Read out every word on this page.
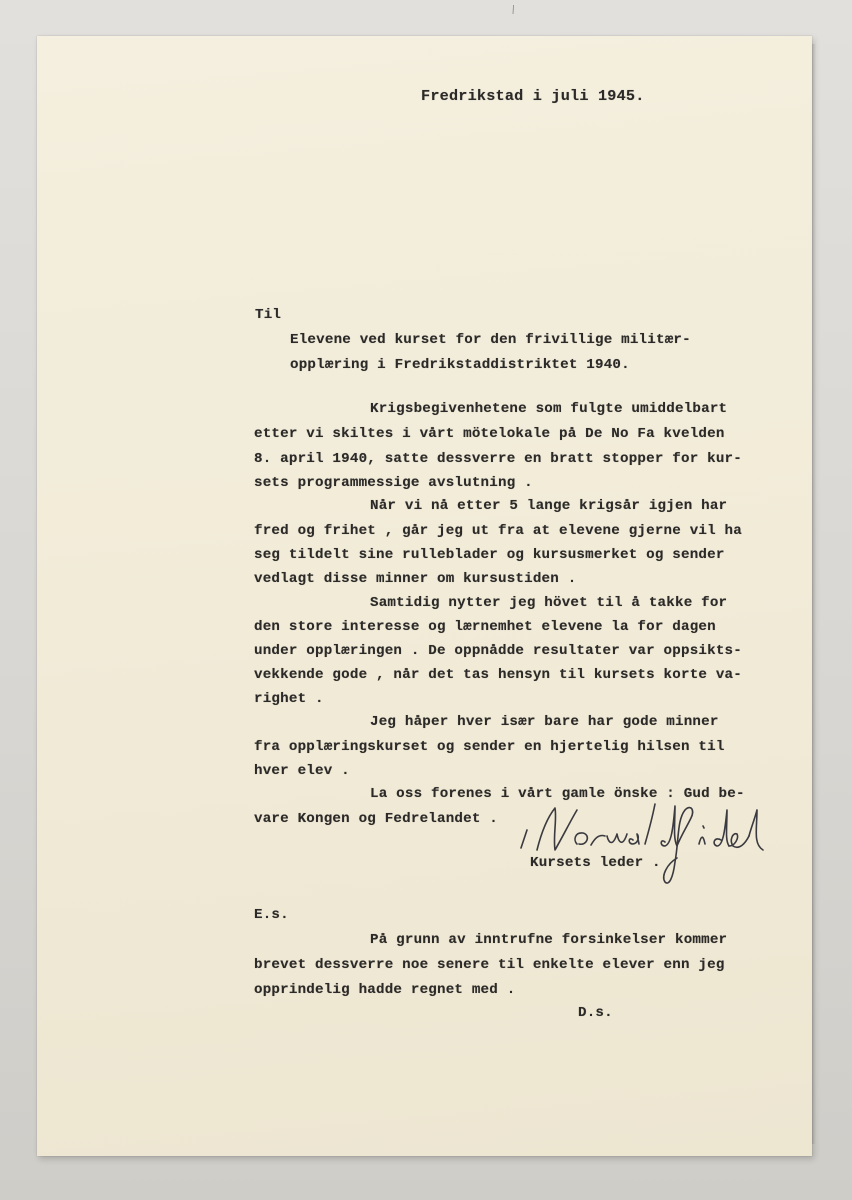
Fredrikstad i juli 1945.
Til
Elevene ved kurset for den frivillige militær-
opplæring i Fredrikstaddistriktet 1940.
Krigsbegivenhetene som fulgte umiddelbart
etter vi skiltes i vårt mötelokale på De No Fa kvelden
8. april 1940, satte dessverre en bratt stopper for kur-
sets programmessige avslutning .
Når vi nå etter 5 lange krigsår igjen har
fred og frihet , går jeg ut fra at elevene gjerne vil ha
seg tildelt sine rulleblader og kursusmerket og sender
vedlagt disse minner om kursustiden .
Samtidig nytter jeg hövet til å takke for
den store interesse og lærnemhet elevene la for dagen
under opplæringen . De oppnådde resultater var oppsikts-
vekkende gode , når det tas hensyn til kursets korte va-
righet .
Jeg håper hver især bare har gode minner
fra opplæringskurset og sender en hjertelig hilsen til
hver elev .
La oss forenes i vårt gamle önske : Gud be-
vare Kongen og Fedrelandet .
Kursets leder .
E.s.
På grunn av inntrufne forsinkelser kommer
brevet dessverre noe senere til enkelte elever enn jeg
opprindelig hadde regnet med .
D.s.
